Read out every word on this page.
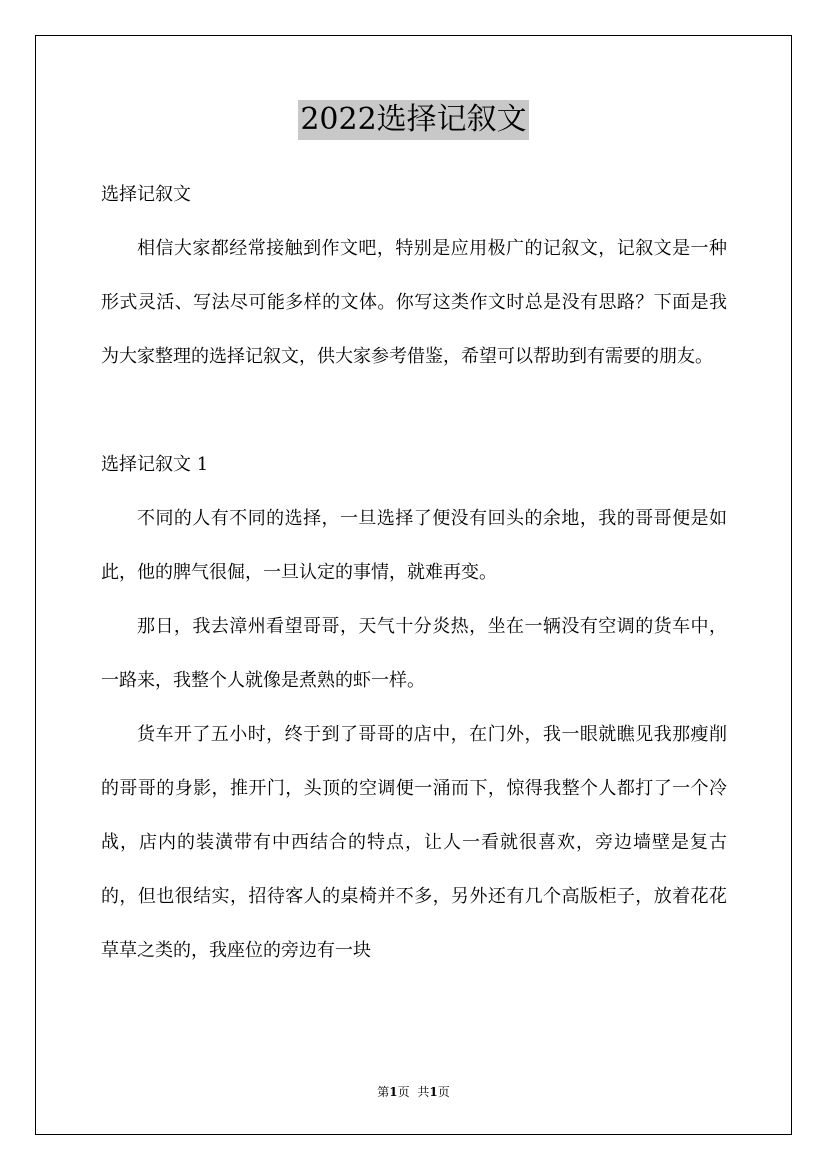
2022选择记叙文

选择记叙文

相信大家都经常接触到作文吧，特别是应用极广的记叙文，记叙文是一种形式灵活、写法尽可能多样的文体。你写这类作文时总是没有思路？下面是我为大家整理的选择记叙文，供大家参考借鉴，希望可以帮助到有需要的朋友。

选择记叙文 1

不同的人有不同的选择，一旦选择了便没有回头的余地，我的哥哥便是如此，他的脾气很倔，一旦认定的事情，就难再变。

那日，我去漳州看望哥哥，天气十分炎热，坐在一辆没有空调的货车中，一路来，我整个人就像是煮熟的虾一样。

货车开了五小时，终于到了哥哥的店中，在门外，我一眼就瞧见我那瘦削的哥哥的身影，推开门，头顶的空调便一涌而下，惊得我整个人都打了一个冷战，店内的装潢带有中西结合的特点，让人一看就很喜欢，旁边墙壁是复古的，但也很结实，招待客人的桌椅并不多，另外还有几个高版柜子，放着花花草草之类的，我座位的旁边有一块

第1页 共1页
